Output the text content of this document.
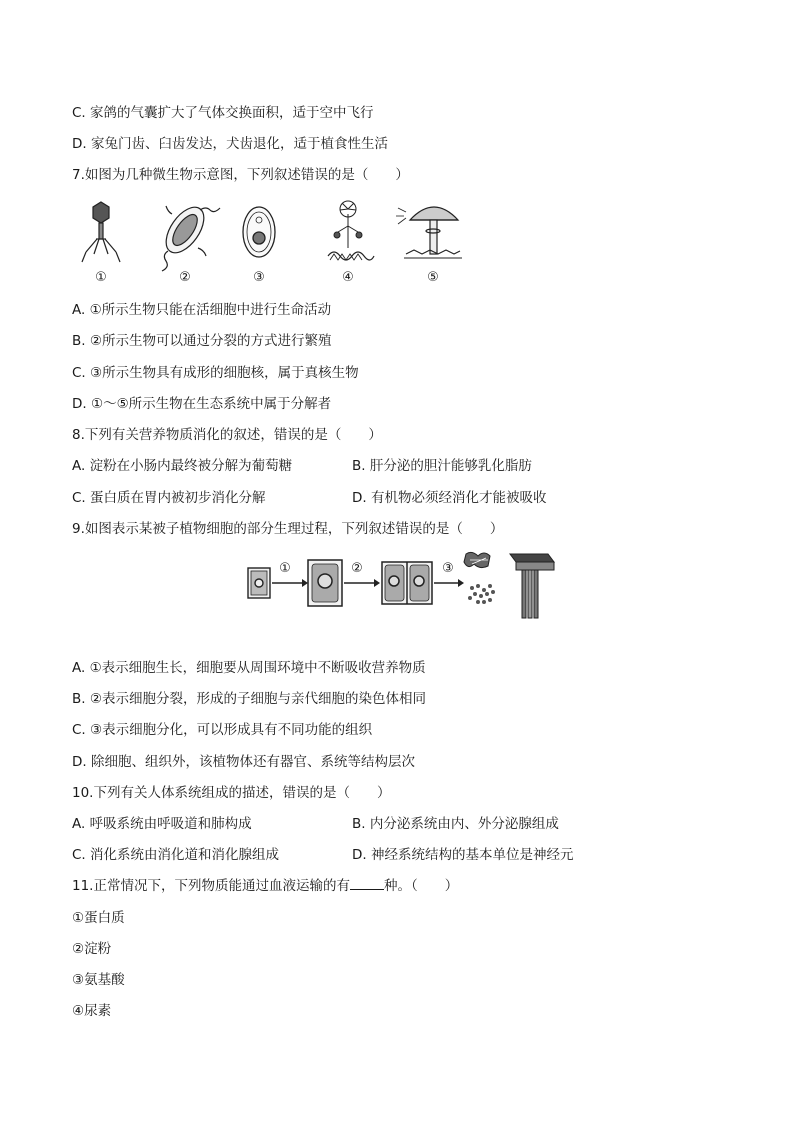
C. 家鸽的气囊扩大了气体交换面积，适于空中飞行
D. 家兔门齿、臼齿发达，犬齿退化，适于植食性生活
7.如图为几种微生物示意图，下列叙述错误的是（　　）
①	②	③	④	⑤
A. ①所示生物只能在活细胞中进行生命活动
B. ②所示生物可以通过分裂的方式进行繁殖
C. ③所示生物具有成形的细胞核，属于真核生物
D. ①～⑤所示生物在生态系统中属于分解者
8.下列有关营养物质消化的叙述，错误的是（　　）
A. 淀粉在小肠内最终被分解为葡萄糖	B. 肝分泌的胆汁能够乳化脂肪
C. 蛋白质在胃内被初步消化分解	D. 有机物必须经消化才能被吸收
9.如图表示某被子植物细胞的部分生理过程，下列叙述错误的是（　　）
①	②	③
A. ①表示细胞生长，细胞要从周围环境中不断吸收营养物质
B. ②表示细胞分裂，形成的子细胞与亲代细胞的染色体相同
C. ③表示细胞分化，可以形成具有不同功能的组织
D. 除细胞、组织外，该植物体还有器官、系统等结构层次
10.下列有关人体系统组成的描述，错误的是（　　）
A. 呼吸系统由呼吸道和肺构成	B. 内分泌系统由内、外分泌腺组成
C. 消化系统由消化道和消化腺组成	D. 神经系统结构的基本单位是神经元
11.正常情况下，下列物质能通过血液运输的有	种。（　　）
①蛋白质
②淀粉
③氨基酸
④尿素
